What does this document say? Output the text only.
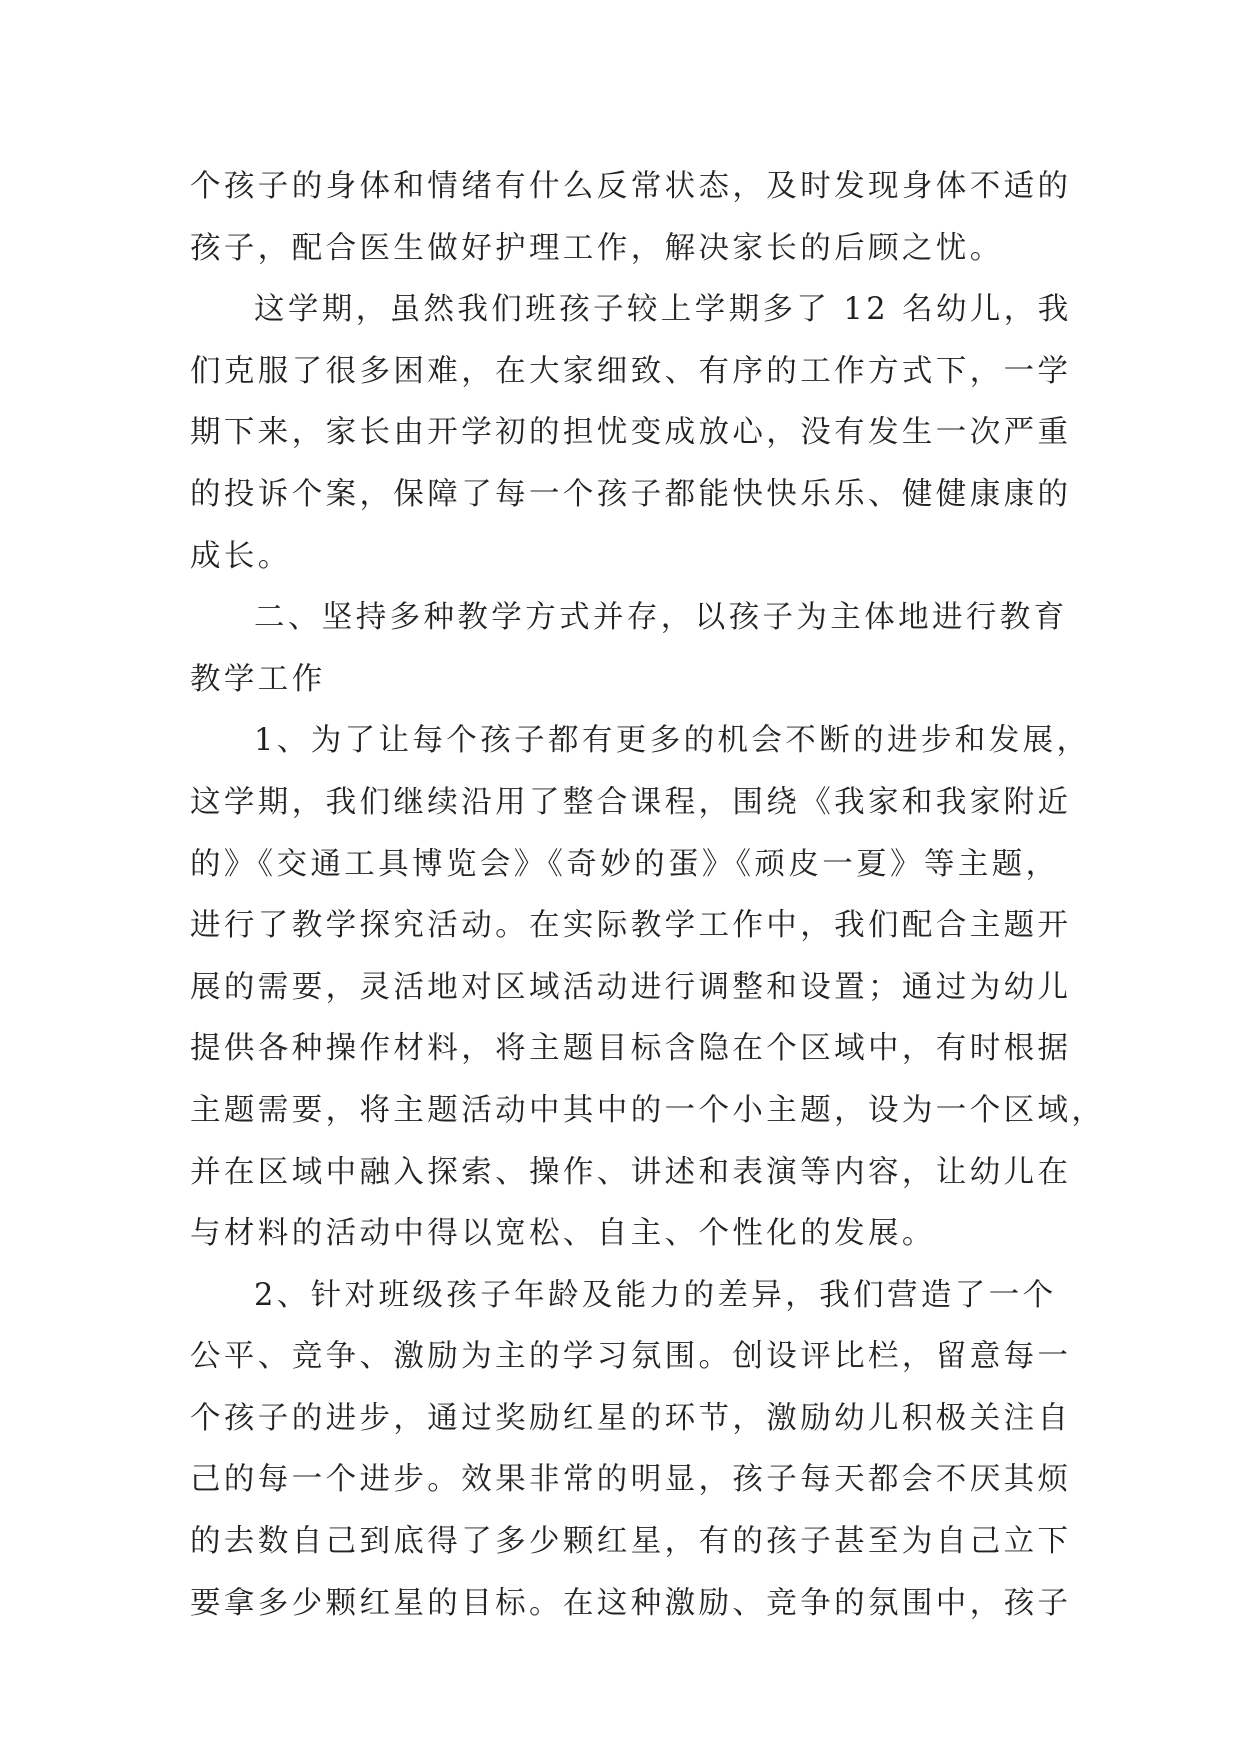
个孩子的身体和情绪有什么反常状态，及时发现身体不适的
孩子，配合医生做好护理工作，解决家长的后顾之忧。
这学期，虽然我们班孩子较上学期多了 12 名幼儿，我
们克服了很多困难，在大家细致、有序的工作方式下，一学
期下来，家长由开学初的担忧变成放心，没有发生一次严重
的投诉个案，保障了每一个孩子都能快快乐乐、健健康康的
成长。
二、坚持多种教学方式并存，以孩子为主体地进行教育
教学工作
1、为了让每个孩子都有更多的机会不断的进步和发展，
这学期，我们继续沿用了整合课程，围绕《我家和我家附近
的》《交通工具博览会》《奇妙的蛋》《顽皮一夏》等主题，
进行了教学探究活动。在实际教学工作中，我们配合主题开
展的需要，灵活地对区域活动进行调整和设置；通过为幼儿
提供各种操作材料，将主题目标含隐在个区域中，有时根据
主题需要，将主题活动中其中的一个小主题，设为一个区域，
并在区域中融入探索、操作、讲述和表演等内容，让幼儿在
与材料的活动中得以宽松、自主、个性化的发展。
2、针对班级孩子年龄及能力的差异，我们营造了一个
公平、竞争、激励为主的学习氛围。创设评比栏，留意每一
个孩子的进步，通过奖励红星的环节，激励幼儿积极关注自
己的每一个进步。效果非常的明显，孩子每天都会不厌其烦
的去数自己到底得了多少颗红星，有的孩子甚至为自己立下
要拿多少颗红星的目标。在这种激励、竞争的氛围中，孩子
